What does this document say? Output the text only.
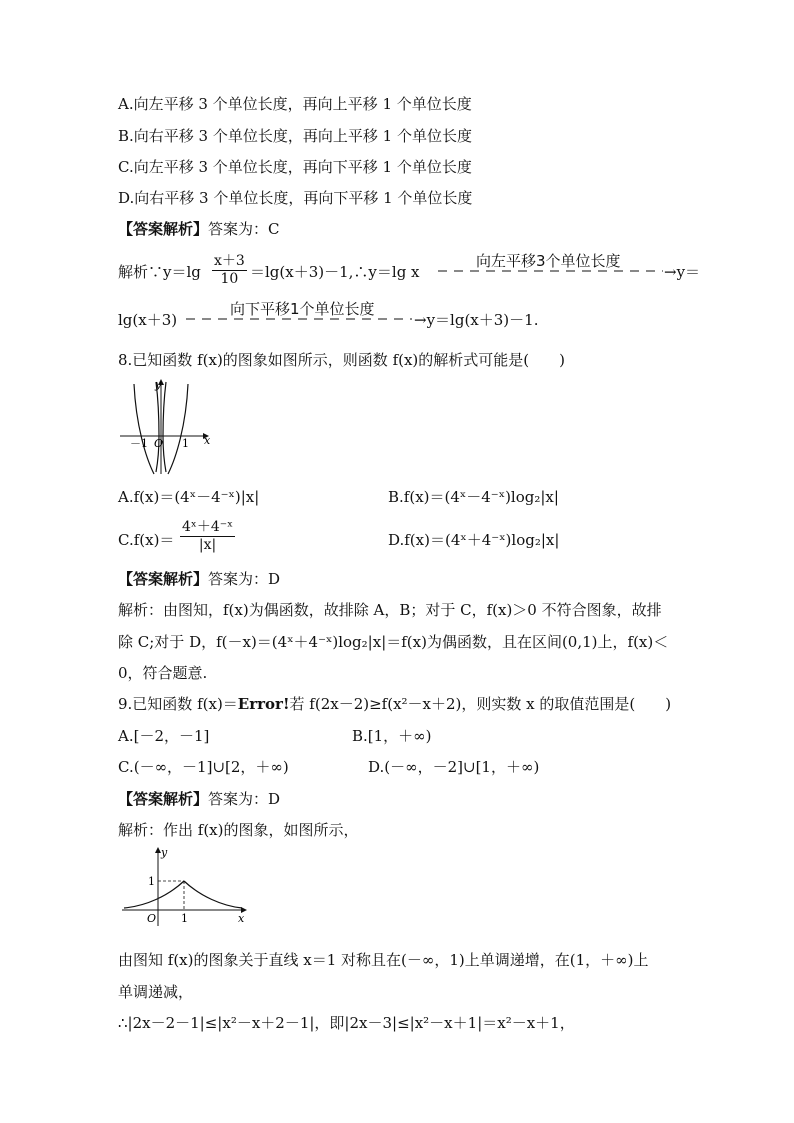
A.向左平移 3 个单位长度，再向上平移 1 个单位长度
B.向右平移 3 个单位长度，再向上平移 1 个单位长度
C.向左平移 3 个单位长度，再向下平移 1 个单位长度
D.向右平移 3 个单位长度，再向下平移 1 个单位长度
【答案解析】答案为：C
解析∵y＝lg $\frac{x+3}{10}$ ＝lg(x＋3)－1,∴y＝lg x
向左平移3个单位长度
→y＝
lg(x＋3)
向下平移1个单位长度
→y＝lg(x＋3)－1.
8.已知函数 f(x)的图象如图所示，则函数 f(x)的解析式可能是(　　)
y
x
O
－1	1
A.f(x)＝(4ˣ－4⁻ˣ)|x|	B.f(x)＝(4ˣ－4⁻ˣ)log₂|x|
$C.f(x)= \frac{\text{4ˣ＋4⁻ˣ}}{|x|}$	D.f(x)＝(4ˣ＋4⁻ˣ)log₂|x|
【答案解析】答案为：D
解析：由图知，f(x)为偶函数，故排除 A，B；对于 C，f(x)＞0 不符合图象，故排
除 C;对于 D，f(－x)＝(4ˣ＋4⁻ˣ)log₂|x|＝f(x)为偶函数，且在区间(0,1)上，f(x)＜
0，符合题意.
9.已知函数 f(x)＝Error!若 f(2x－2)≥f(x²－x＋2)，则实数 x 的取值范围是(　　)
A.[－2，－1]	B.[1，＋∞)
C.(－∞，－1]∪[2，＋∞)	D.(－∞，－2]∪[1，＋∞)
【答案解析】答案为：D
解析：作出 f(x)的图象，如图所示，
y
x
O 1
1
由图知 f(x)的图象关于直线 x＝1 对称且在(－∞，1)上单调递增，在(1，＋∞)上
单调递减，
∴|2x－2－1|≤|x²－x＋2－1|，即|2x－3|≤|x²－x＋1|＝x²－x＋1，
